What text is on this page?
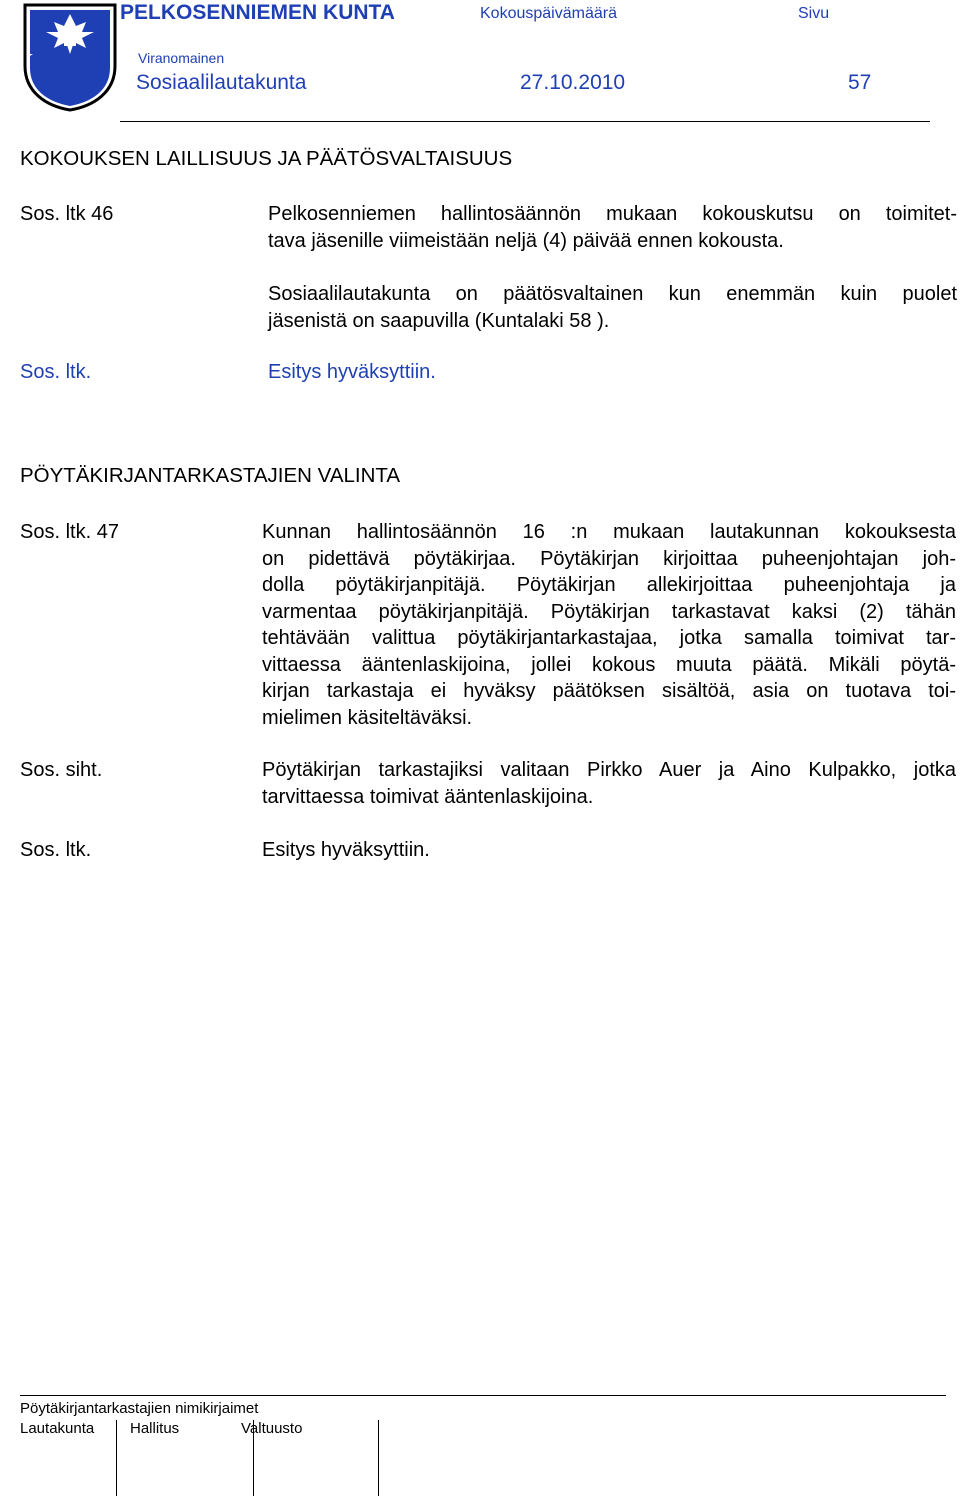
PELKOSENNIEMEN KUNTA	Kokouspäivämäärä	Sivu
Viranomainen
Sosiaalilautakunta	27.10.2010	57
KOKOUKSEN LAILLISUUS JA PÄÄTÖSVALTAISUUS
Sos. ltk 46	Pelkosenniemen hallintosäännön mukaan kokouskutsu on toimitet-
tava jäsenille viimeistään neljä (4) päivää ennen kokousta.
Sosiaalilautakunta on päätösvaltainen kun enemmän kuin puolet
jäsenistä on saapuvilla (Kuntalaki 58 ).
Sos. ltk.	Esitys hyväksyttiin.
PÖYTÄKIRJANTARKASTAJIEN VALINTA
Sos. ltk. 47	Kunnan hallintosäännön 16 :n mukaan lautakunnan kokouksesta
on pidettävä pöytäkirjaa. Pöytäkirjan kirjoittaa puheenjohtajan joh-
dolla pöytäkirjanpitäjä. Pöytäkirjan allekirjoittaa puheenjohtaja ja
varmentaa pöytäkirjanpitäjä. Pöytäkirjan tarkastavat kaksi (2) tähän
tehtävään valittua pöytäkirjantarkastajaa, jotka samalla toimivat tar-
vittaessa ääntenlaskijoina, jollei kokous muuta päätä. Mikäli pöytä-
kirjan tarkastaja ei hyväksy päätöksen sisältöä, asia on tuotava toi-
mielimen käsiteltäväksi.
Sos. siht.	Pöytäkirjan tarkastajiksi valitaan Pirkko Auer ja Aino Kulpakko, jotka
tarvittaessa toimivat ääntenlaskijoina.
Sos. ltk.	Esitys hyväksyttiin.
Pöytäkirjantarkastajien nimikirjaimet
Lautakunta Hallitus	Valtuusto
